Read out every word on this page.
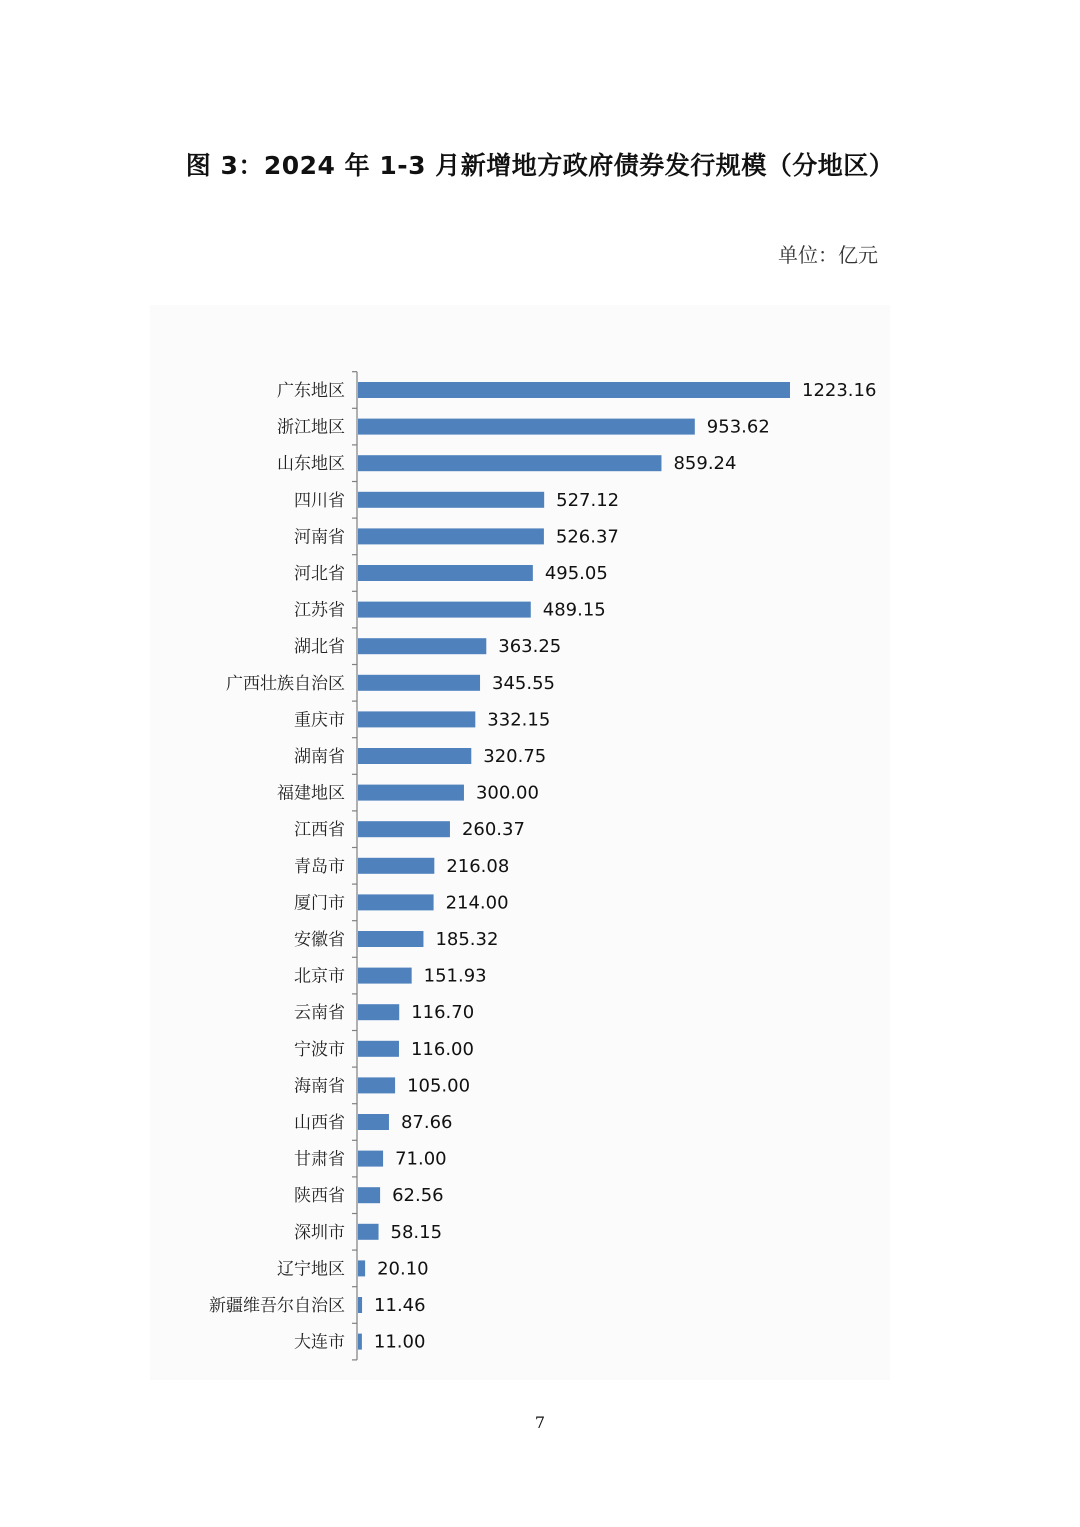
图 3：2024 年 1-3 月新增地方政府债券发行规模（分地区）
单位：亿元
广东地区	1223.16
浙江地区	953.62
山东地区	859.24
四川省	527.12
河南省	526.37
河北省	495.05
江苏省	489.15
湖北省	363.25
广西壮族自治区	345.55
重庆市	332.15
湖南省	320.75
福建地区	300.00
江西省	260.37
青岛市	216.08
厦门市	214.00
安徽省	185.32
北京市	151.93
云南省	116.70
宁波市	116.00
海南省	105.00
山西省	87.66
甘肃省	71.00
陕西省	62.56
深圳市	58.15
辽宁地区 20.10
新疆维吾尔自治区 11.46
大连市 11.00
7
